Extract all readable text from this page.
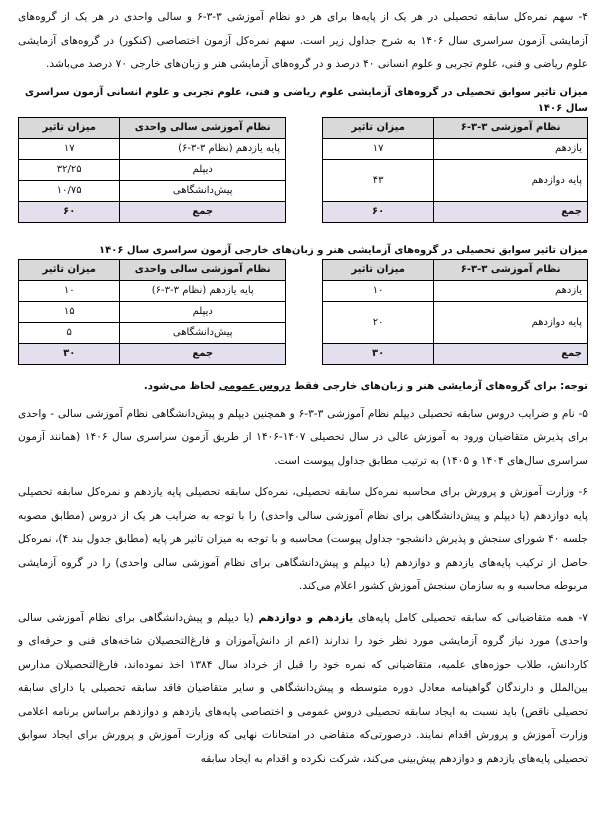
۴- سهم نمره‌کل سابقه تحصیلی در هر یک از پایه‌ها برای هر دو نظام آموزشی ۳-۳-۶ و سالی واحدی در هر یک از گروه‌های آزمایشی آزمون سراسری سال ۱۴۰۶ به شرح جداول زیر است. سهم نمره‌کل آزمون اختصاصی (کنکور) در گروه‌های آزمایشی علوم ریاضی و فنی، علوم تجربی و علوم انسانی ۴۰ درصد و در گروه‌های آزمایشی هنر و زبان‌های خارجی ۷۰ درصد می‌باشد.

میزان تاثیر سوابق تحصیلی در گروه‌های آزمایشی علوم ریاضی و فنی، علوم تجربی و علوم انسانی آزمون سراسری سال ۱۴۰۶
نظام آموزشی ۳-۳-۶	میزان تاثیر
یازدهم	۱۷
پایه دوازدهم	۴۳

جمع	۶۰
نظام آموزشی سالی واحدی	میزان تاثیر
پایه یازدهم (نظام ۳-۳-۶)	۱۷
دیپلم	۳۲/۲۵
پیش‌دانشگاهی	۱۰/۷۵
جمع	۶۰
میزان تاثیر سوابق تحصیلی در گروه‌های آزمایشی هنر و زبان‌های خارجی آزمون سراسری سال ۱۴۰۶
نظام آموزشی ۳-۳-۶	میزان تاثیر
یازدهم	۱۰
پایه دوازدهم	۲۰

جمع	۳۰
نظام آموزشی سالی واحدی	میزان تاثیر
پایه یازدهم (نظام ۳-۳-۶)	۱۰
دیپلم	۱۵
پیش‌دانشگاهی	۵
جمع	۳۰
توجه: برای گروه‌های آزمایشی هنر و زبان‌های خارجی فقط دروس عمومی لحاظ می‌شود.

۵- نام و ضرایب دروس سابقه تحصیلی دیپلم نظام آموزشی ۳-۳-۶ و همچنین دیپلم و پیش‌دانشگاهی نظام آموزشی سالی - واحدی برای پذیرش متقاضیان ورود به آموزش عالی در سال تحصیلی ۱۴۰۷-۱۴۰۶ از طریق آزمون سراسری سال ۱۴۰۶ (همانند آزمون سراسری سال‌های ۱۴۰۴ و ۱۴۰۵) به ترتیب مطابق جداول پیوست است.

۶- وزارت آموزش و پرورش برای محاسبه نمره‌کل سابقه تحصیلی، نمره‌کل سابقه تحصیلی پایه یازدهم و نمره‌کل سابقه تحصیلی پایه دوازدهم (یا دیپلم و پیش‌دانشگاهی برای نظام آموزشی سالی واحدی) را با توجه به ضرایب هر یک از دروس (مطابق مصوبه جلسه ۴۰ شورای سنجش و پذیرش دانشجو- جداول پیوست) محاسبه و با توجه به میزان تاثیر هر پایه (مطابق جدول بند ۴)، نمره‌کل حاصل از ترکیب پایه‌های یازدهم و دوازدهم (یا دیپلم و پیش‌دانشگاهی برای نظام آموزشی سالی واحدی) را در گروه آزمایشی مربوطه محاسبه و به سازمان سنجش آموزش کشور اعلام می‌کند.

۷- همه متقاضیانی که سابقه تحصیلی کامل پایه‌های یازدهم و دوازدهم (یا دیپلم و پیش‌دانشگاهی برای نظام آموزشی سالی واحدی) مورد نیاز گروه آزمایشی مورد نظر خود را ندارند (اعم از دانش‌آموزان و فارغ‌التحصیلان شاخه‌های فنی و حرفه‌ای و کاردانش، طلاب حوزه‌های علمیه، متقاضیانی که نمره خود را قبل از خرداد سال ۱۳۸۴ اخذ نموده‌اند، فارغ‌التحصیلان مدارس بین‌الملل و دارندگان گواهینامه معادل دوره متوسطه و پیش‌دانشگاهی و سایر متقاضیان فاقد سابقه تحصیلی یا دارای سابقه تحصیلی ناقص) باید نسبت به ایجاد سابقه تحصیلی دروس عمومی و اختصاصی پایه‌های یازدهم و دوازدهم براساس برنامه اعلامی وزارت آموزش و پرورش اقدام نمایند. درصورتی‌که متقاضی در امتحانات نهایی که وزارت آموزش و پرورش برای ایجاد سوابق تحصیلی پایه‌های یازدهم و دوازدهم پیش‌بینی می‌کند، شرکت نکرده و اقدام به ایجاد سابقه
